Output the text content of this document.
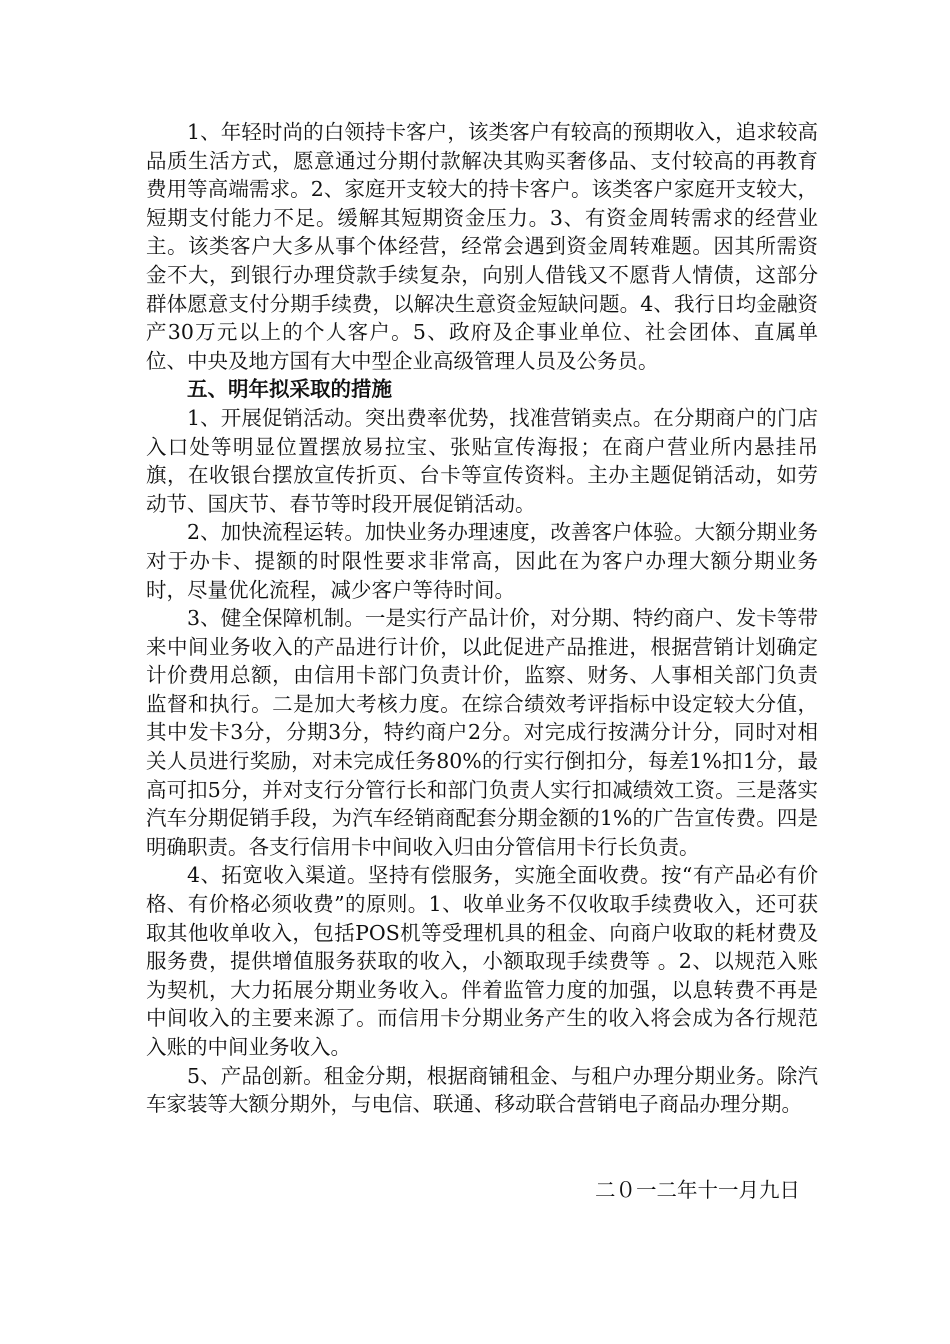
1、年轻时尚的白领持卡客户，该类客户有较高的预期收入，追求较高品质生活方式，愿意通过分期付款解决其购买奢侈品、支付较高的再教育费用等高端需求。2、家庭开支较大的持卡客户。该类客户家庭开支较大，短期支付能力不足。缓解其短期资金压力。3、有资金周转需求的经营业主。该类客户大多从事个体经营，经常会遇到资金周转难题。因其所需资金不大，到银行办理贷款手续复杂，向别人借钱又不愿背人情债，这部分群体愿意支付分期手续费，以解决生意资金短缺问题。4、我行日均金融资产30万元以上的个人客户。5、政府及企事业单位、社会团体、直属单位、中央及地方国有大中型企业高级管理人员及公务员。

五、明年拟采取的措施

1、开展促销活动。突出费率优势，找准营销卖点。在分期商户的门店入口处等明显位置摆放易拉宝、张贴宣传海报；在商户营业所内悬挂吊旗，在收银台摆放宣传折页、台卡等宣传资料。主办主题促销活动，如劳动节、国庆节、春节等时段开展促销活动。

2、加快流程运转。加快业务办理速度，改善客户体验。大额分期业务对于办卡、提额的时限性要求非常高，因此在为客户办理大额分期业务时，尽量优化流程，减少客户等待时间。

3、健全保障机制。一是实行产品计价，对分期、特约商户、发卡等带来中间业务收入的产品进行计价，以此促进产品推进，根据营销计划确定计价费用总额，由信用卡部门负责计价，监察、财务、人事相关部门负责监督和执行。二是加大考核力度。在综合绩效考评指标中设定较大分值，其中发卡3分，分期3分，特约商户2分。对完成行按满分计分，同时对相关人员进行奖励，对未完成任务80%的行实行倒扣分，每差1%扣1分，最高可扣5分，并对支行分管行长和部门负责人实行扣减绩效工资。三是落实汽车分期促销手段，为汽车经销商配套分期金额的1%的广告宣传费。四是明确职责。各支行信用卡中间收入归由分管信用卡行长负责。

4、拓宽收入渠道。坚持有偿服务，实施全面收费。按“有产品必有价格、有价格必须收费”的原则。1、收单业务不仅收取手续费收入，还可获取其他收单收入，包括POS机等受理机具的租金、向商户收取的耗材费及服务费，提供增值服务获取的收入，小额取现手续费等 。2、以规范入账为契机，大力拓展分期业务收入。伴着监管力度的加强，以息转费不再是中间收入的主要来源了。而信用卡分期业务产生的收入将会成为各行规范入账的中间业务收入。

5、产品创新。租金分期，根据商铺租金、与租户办理分期业务。除汽车家装等大额分期外，与电信、联通、移动联合营销电子商品办理分期。

二０一二年十一月九日
